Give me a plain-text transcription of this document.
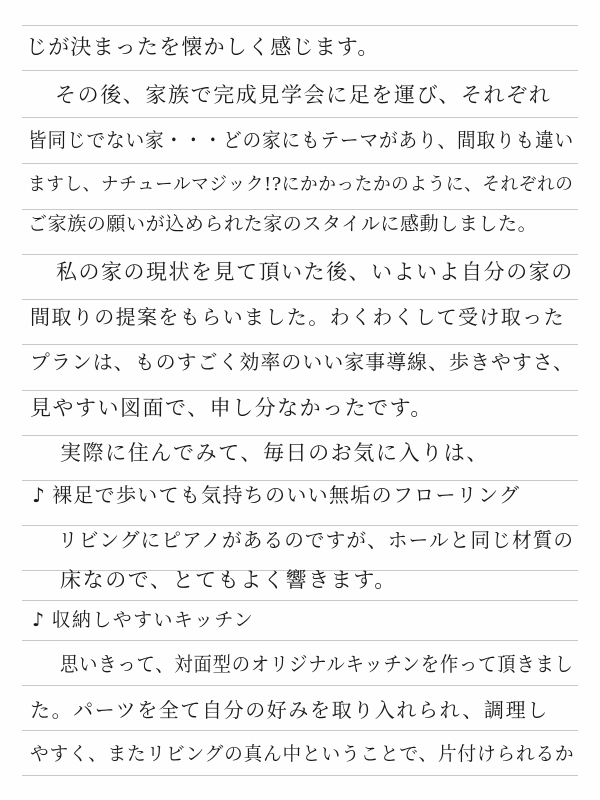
じが決まったを懐かしく感じます。
その後、家族で完成見学会に足を運び、それぞれ
皆同じでない家・・・どの家にもテーマがあり、間取りも違い
ますし、ナチュールマジック!?にかかったかのように、それぞれの
ご家族の願いが込められた家のスタイルに感動しました。
私の家の現状を見て頂いた後、いよいよ自分の家の
間取りの提案をもらいました。わくわくして受け取った
プランは、ものすごく効率のいい家事導線、歩きやすさ、
見やすい図面で、申し分なかったです。
実際に住んでみて、毎日のお気に入りは、
♪ 裸足で歩いても気持ちのいい無垢のフローリング
リビングにピアノがあるのですが、ホールと同じ材質の
床なので、とてもよく響きます。
♪ 収納しやすいキッチン
思いきって、対面型のオリジナルキッチンを作って頂きまし
た。パーツを全て自分の好みを取り入れられ、調理し
やすく、またリビングの真ん中ということで、片付けられるか
